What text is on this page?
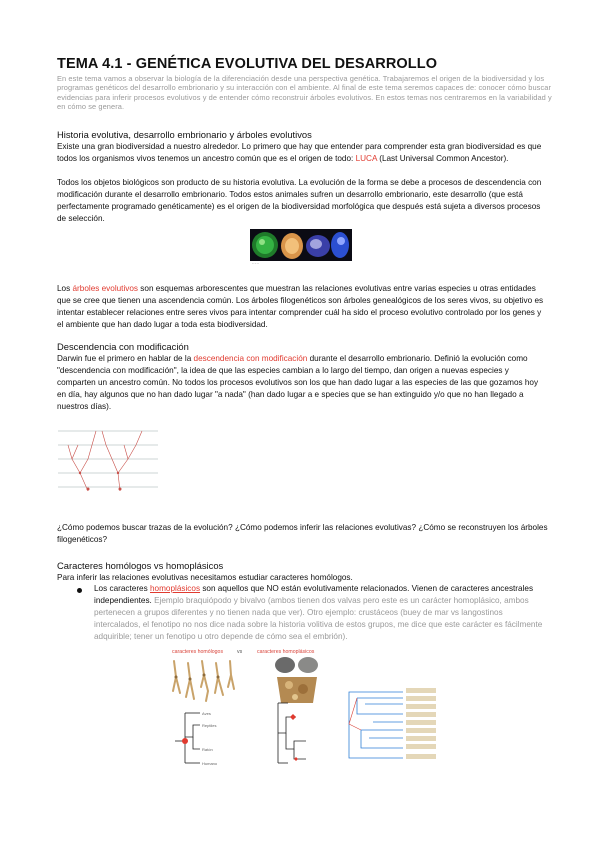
TEMA 4.1 - GENÉTICA EVOLUTIVA DEL DESARROLLO
En este tema vamos a observar la biología de la diferenciación desde una perspectiva genética. Trabajaremos el origen de la biodiversidad y los programas genéticos del desarrollo embrionario y su interacción con el ambiente. Al final de este tema seremos capaces de: conocer cómo buscar evidencias para inferir procesos evolutivos y de entender cómo reconstruir árboles evolutivos. En estos temas nos centraremos en la variabilidad y en cómo se genera.
Historia evolutiva, desarrollo embrionario y árboles evolutivos
Existe una gran biodiversidad a nuestro alrededor. Lo primero que hay que entender para comprender esta gran biodiversidad es que todos los organismos vivos tenemos un ancestro común que es el origen de todo: LUCA (Last Universal Common Ancestor).
Todos los objetos biológicos son producto de su historia evolutiva. La evolución de la forma se debe a procesos de descendencia con modificación durante el desarrollo embrionario. Todos estos animales sufren un desarrollo embrionario, este desarrollo (que está perfectamente programado genéticamente) es el origen de la biodiversidad morfológica que después está sujeta a diversos procesos de selección.
~ ~ ~
Los árboles evolutivos son esquemas arborescentes que muestran las relaciones evolutivas entre varias especies u otras entidades que se cree que tienen una ascendencia común. Los árboles filogenéticos son árboles genealógicos de los seres vivos, su objetivo es intentar establecer relaciones entre seres vivos para intentar comprender cuál ha sido el proceso evolutivo controlado por los genes y el ambiente que han dado lugar a toda esta biodiversidad.
Descendencia con modificación
Darwin fue el primero en hablar de la descendencia con modificación durante el desarrollo embrionario. Definió la evolución como "descendencia con modificación", la idea de que las especies cambian a lo largo del tiempo, dan origen a nuevas especies y comparten un ancestro común. No todos los procesos evolutivos son los que han dado lugar a las especies de las que gozamos hoy en día, hay algunos que no han dado lugar "a nada" (han dado lugar a e species que se han extinguido y/o que no han llegado a nuestros días).
¿Cómo podemos buscar trazas de la evolución? ¿Cómo podemos inferir las relaciones evolutivas? ¿Cómo se reconstruyen los árboles filogenéticos?
Caracteres homólogos vs homoplásicos
Para inferir las relaciones evolutivas necesitamos estudiar caracteres homólogos.
Los caracteres homoplásicos son aquellos que NO están evolutivamente relacionados. Vienen de caracteres ancestrales independientes. Ejemplo braquiópodo y bivalvo (ambos tienen dos valvas pero este es un carácter homoplásico, ambos pertenecen a grupos diferentes y no tienen nada que ver). Otro ejemplo: crustáceos (buey de mar vs langostinos intercalados, el fenotipo no nos dice nada sobre la historia volitiva de estos grupos, me dice que este carácter es fácilmente adquirible; tener un fenotipo u otro depende de cómo sea el embrión).
caracteres homólogos	vs	caracteres homoplásicos
Aves
Reptiles
Ratón
Humano
